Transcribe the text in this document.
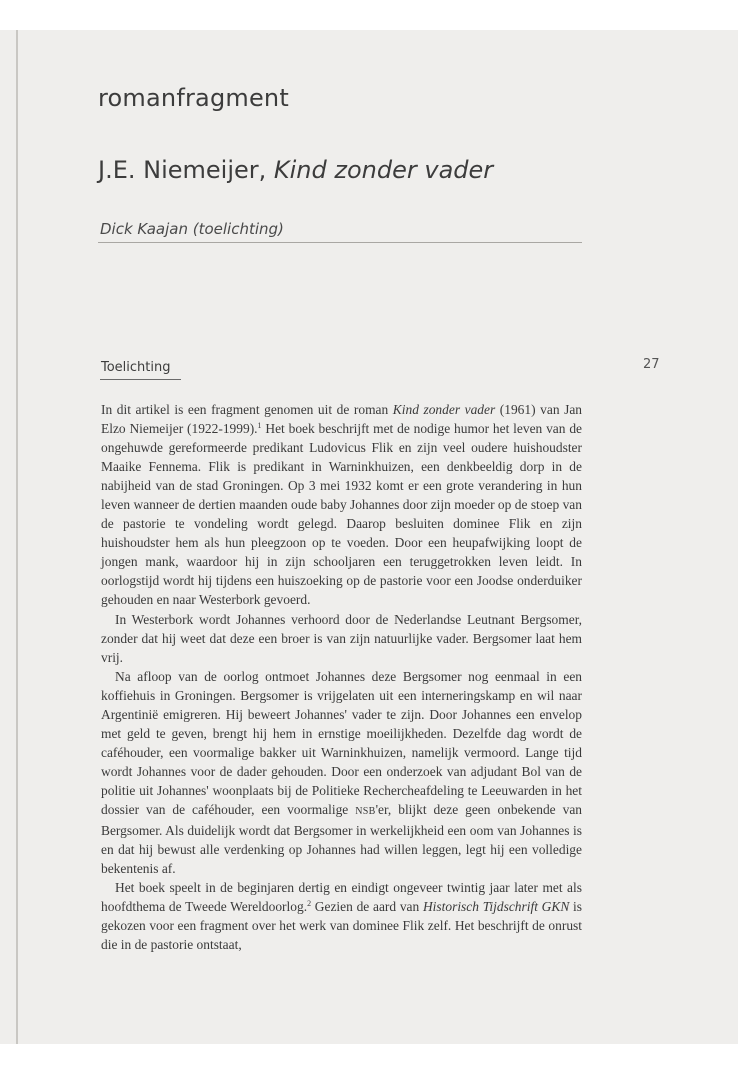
romanfragment
J.E. Niemeijer, Kind zonder vader
Dick Kaajan (toelichting)
Toelichting	27

In dit artikel is een fragment genomen uit de roman Kind zonder vader (1961) van Jan Elzo Niemeijer (1922-1999).$^1$ Het boek beschrijft met de nodige humor het leven van de ongehuwde gereformeerde predikant Ludovicus Flik en zijn veel oudere huishoudster Maaike Fennema. Flik is predikant in Warninkhuizen, een denkbeeldig dorp in de nabijheid van de stad Groningen. Op 3 mei 1932 komt er een grote verandering in hun leven wanneer de dertien maanden oude baby Johannes door zijn moeder op de stoep van de pastorie te vondeling wordt gelegd. Daarop besluiten dominee Flik en zijn huishoudster hem als hun pleegzoon op te voeden. Door een heupafwijking loopt de jongen mank, waardoor hij in zijn schooljaren een teruggetrokken leven leidt. In oorlogstijd wordt hij tijdens een huiszoeking op de pastorie voor een Joodse onderduiker gehouden en naar Westerbork gevoerd.

In Westerbork wordt Johannes verhoord door de Nederlandse Leutnant Bergsomer, zonder dat hij weet dat deze een broer is van zijn natuurlijke vader. Bergsomer laat hem vrij.

Na afloop van de oorlog ontmoet Johannes deze Bergsomer nog eenmaal in een koffiehuis in Groningen. Bergsomer is vrijgelaten uit een interneringskamp en wil naar Argentinië emigreren. Hij beweert Johannes' vader te zijn. Door Johannes een envelop met geld te geven, brengt hij hem in ernstige moeilijkheden. Dezelfde dag wordt de caféhouder, een voormalige bakker uit Warninkhuizen, namelijk vermoord. Lange tijd wordt Johannes voor de dader gehouden. Door een onderzoek van adjudant Bol van de politie uit Johannes' woonplaats bij de Politieke Rechercheafdeling te Leeuwarden in het dossier van de caféhouder, een voormalige NSB'er, blijkt deze geen onbekende van Bergsomer. Als duidelijk wordt dat Bergsomer in werkelijkheid een oom van Johannes is en dat hij bewust alle verdenking op Johannes had willen leggen, legt hij een volledige bekentenis af.

Het boek speelt in de beginjaren dertig en eindigt ongeveer twintig jaar later met als hoofdthema de Tweede Wereldoorlog.$^2$ Gezien de aard van Historisch Tijdschrift GKN is gekozen voor een fragment over het werk van dominee Flik zelf. Het beschrijft de onrust die in de pastorie ontstaat,
